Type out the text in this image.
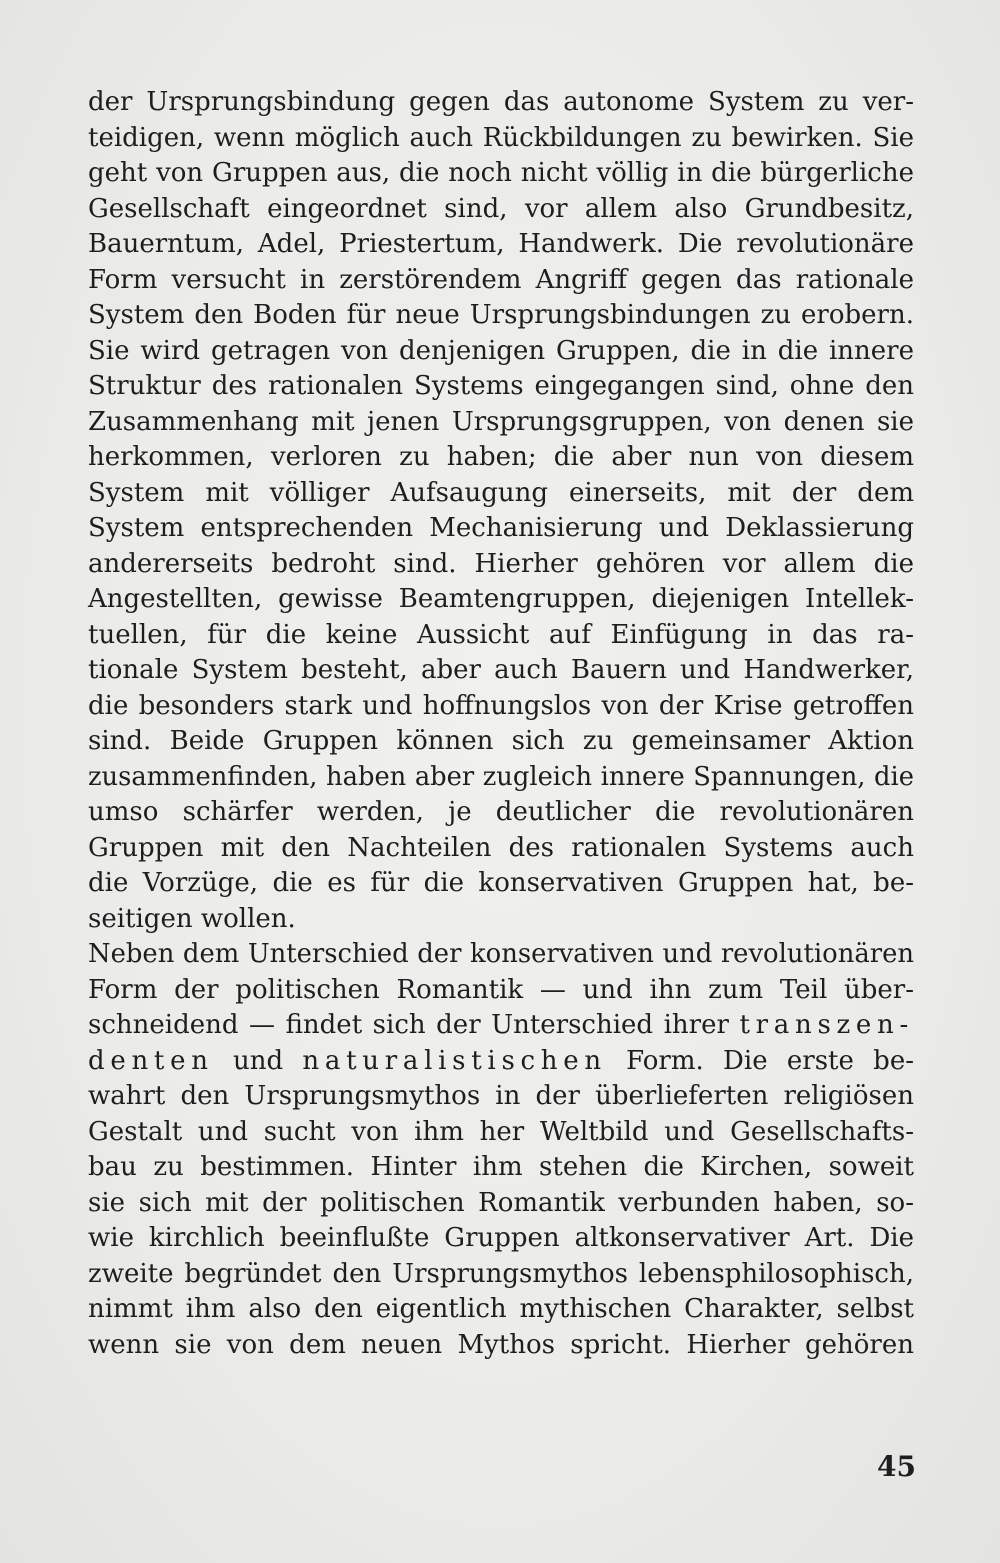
der Ursprungsbindung gegen das autonome System zu ver-
teidigen, wenn möglich auch Rückbildungen zu bewirken. Sie
geht von Gruppen aus, die noch nicht völlig in die bürgerliche
Gesellschaft eingeordnet sind, vor allem also Grundbesitz,
Bauerntum, Adel, Priestertum, Handwerk. Die revolutionäre
Form versucht in zerstörendem Angriff gegen das rationale
System den Boden für neue Ursprungsbindungen zu erobern.
Sie wird getragen von denjenigen Gruppen, die in die innere
Struktur des rationalen Systems eingegangen sind, ohne den
Zusammenhang mit jenen Ursprungsgruppen, von denen sie
herkommen, verloren zu haben; die aber nun von diesem
System mit völliger Aufsaugung einerseits, mit der dem
System entsprechenden Mechanisierung und Deklassierung
andererseits bedroht sind. Hierher gehören vor allem die
Angestellten, gewisse Beamtengruppen, diejenigen Intellek-
tuellen, für die keine Aussicht auf Einfügung in das ra-
tionale System besteht, aber auch Bauern und Handwerker,
die besonders stark und hoffnungslos von der Krise getroffen
sind. Beide Gruppen können sich zu gemeinsamer Aktion
zusammenfinden, haben aber zugleich innere Spannungen, die
umso schärfer werden, je deutlicher die revolutionären
Gruppen mit den Nachteilen des rationalen Systems auch
die Vorzüge, die es für die konservativen Gruppen hat, be-
seitigen wollen.
Neben dem Unterschied der konservativen und revolutionären
Form der politischen Romantik — und ihn zum Teil über-
schneidend — findet sich der Unterschied ihrer transzen-
denten und naturalistischen Form. Die erste be-
wahrt den Ursprungsmythos in der überlieferten religiösen
Gestalt und sucht von ihm her Weltbild und Gesellschafts-
bau zu bestimmen. Hinter ihm stehen die Kirchen, soweit
sie sich mit der politischen Romantik verbunden haben, so-
wie kirchlich beeinflußte Gruppen altkonservativer Art. Die
zweite begründet den Ursprungsmythos lebensphilosophisch,
nimmt ihm also den eigentlich mythischen Charakter, selbst
wenn sie von dem neuen Mythos spricht. Hierher gehören
45
